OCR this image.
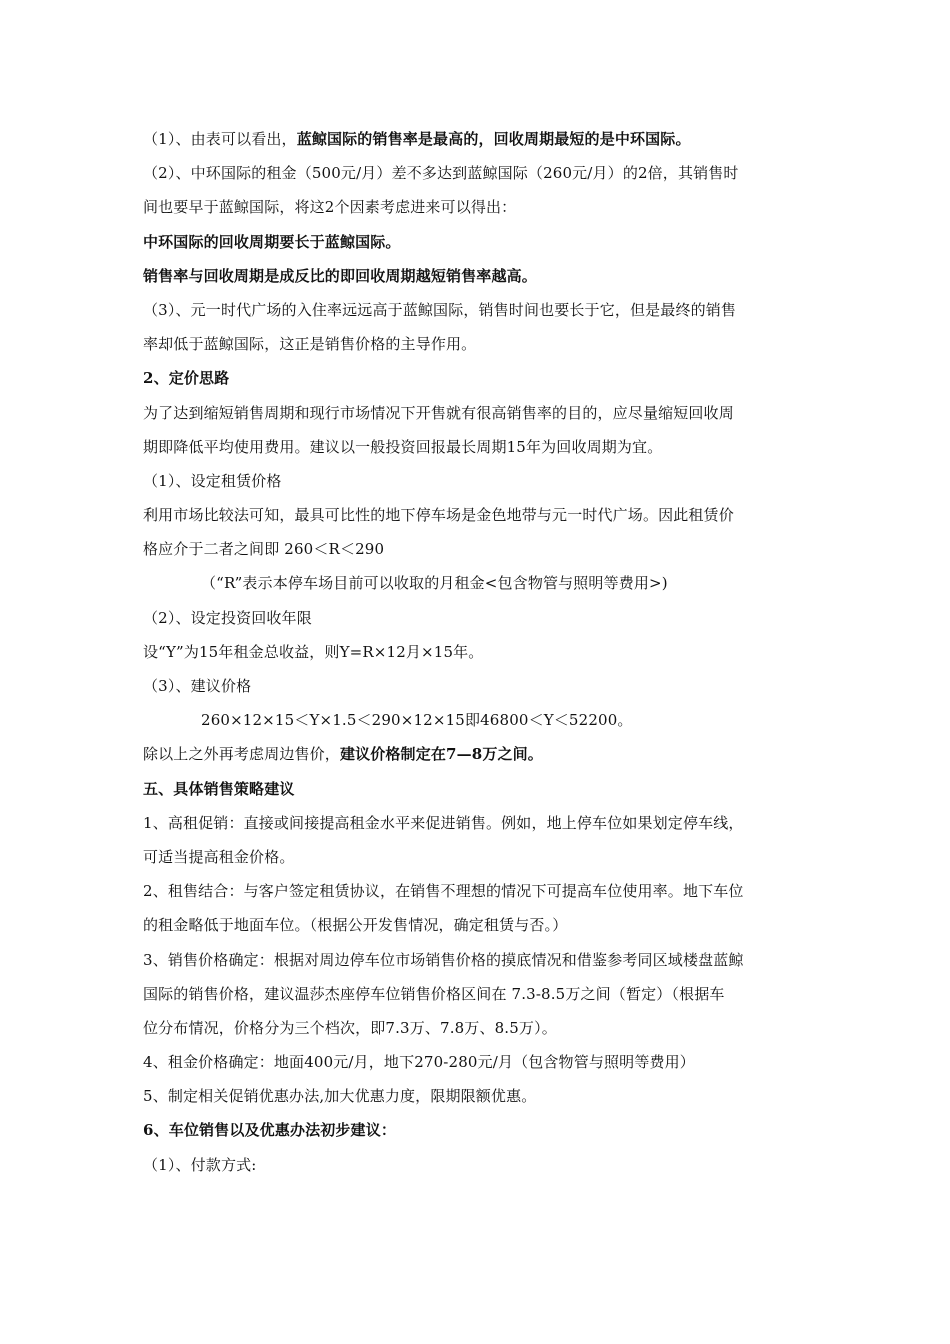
（1）、由表可以看出，蓝鲸国际的销售率是最高的，回收周期最短的是中环国际。
（2）、中环国际的租金（500元/月）差不多达到蓝鲸国际（260元/月）的2倍，其销售时
间也要早于蓝鲸国际，将这2个因素考虑进来可以得出：
中环国际的回收周期要长于蓝鲸国际。
销售率与回收周期是成反比的即回收周期越短销售率越高。
（3）、元一时代广场的入住率远远高于蓝鲸国际，销售时间也要长于它，但是最终的销售
率却低于蓝鲸国际，这正是销售价格的主导作用。
2、定价思路
为了达到缩短销售周期和现行市场情况下开售就有很高销售率的目的，应尽量缩短回收周
期即降低平均使用费用。建议以一般投资回报最长周期15年为回收周期为宜。
（1）、设定租赁价格
利用市场比较法可知，最具可比性的地下停车场是金色地带与元一时代广场。因此租赁价
格应介于二者之间即 260＜R＜290
（“R”表示本停车场目前可以收取的月租金<包含物管与照明等费用>)
（2）、设定投资回收年限
设“Y”为15年租金总收益，则Y=R×12月×15年。
（3）、建议价格
260×12×15＜Y×1.5＜290×12×15即46800＜Y＜52200。
除以上之外再考虑周边售价，建议价格制定在7—8万之间。
五、具体销售策略建议
1、高租促销：直接或间接提高租金水平来促进销售。例如，地上停车位如果划定停车线，
可适当提高租金价格。
2、租售结合：与客户签定租赁协议，在销售不理想的情况下可提高车位使用率。地下车位
的租金略低于地面车位。（根据公开发售情况，确定租赁与否。）
3、销售价格确定：根据对周边停车位市场销售价格的摸底情况和借鉴参考同区域楼盘蓝鲸
国际的销售价格，建议温莎杰座停车位销售价格区间在 7.3-8.5万之间（暂定）（根据车
位分布情况，价格分为三个档次，即7.3万、7.8万、8.5万）。
4、租金价格确定：地面400元/月，地下270-280元/月（包含物管与照明等费用）
5、制定相关促销优惠办法,加大优惠力度，限期限额优惠。
6、车位销售以及优惠办法初步建议：
（1）、付款方式:
